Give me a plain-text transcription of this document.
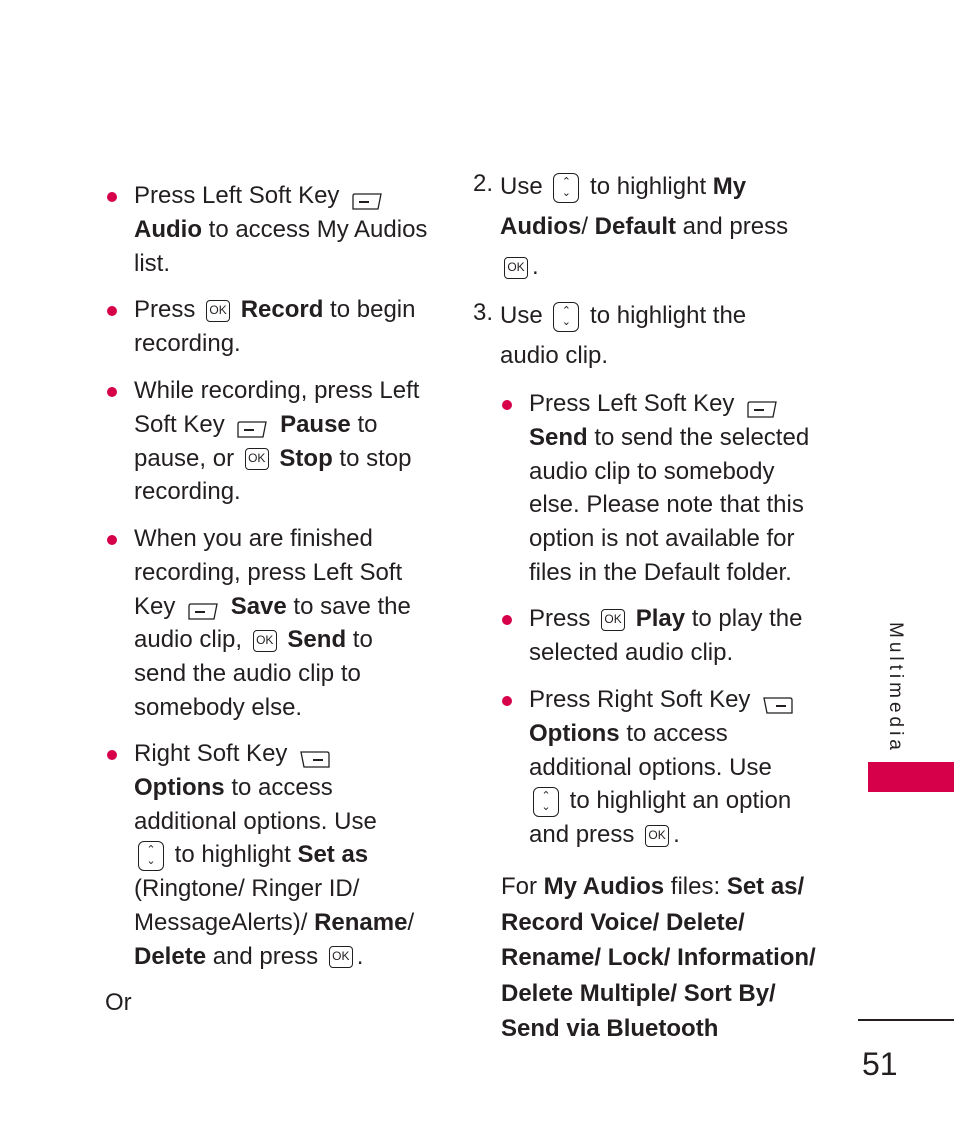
Press Left Soft Key
Audio to access My Audios
list.
Press OK Record to begin
recording.
While recording, press Left
Soft Key Pause to
pause, or OK Stop to stop
recording.
When you are finished
recording, press Left Soft
Key Save to save the
audio clip, OK Send to
send the audio clip to
somebody else.
Right Soft Key
Options to access
additional options. Use
⌃
⌄ to highlight Set as
(Ringtone/ Ringer ID/
MessageAlerts)/ Rename/
Delete and press OK .
Or
2. Use ⌃
⌄ to highlight My
Audios/ Default and press
OK .
3. Use ⌃
⌄ to highlight the
audio clip.
Press Left Soft Key
Send to send the selected
audio clip to somebody
else. Please note that this
option is not available for
files in the Default folder.
Press OK Play to play the
selected audio clip.
Press Right Soft Key
Options to access
additional options. Use
⌃
⌄ to highlight an option
and press OK .
For My Audios files: Set as/
Record Voice/ Delete/
Rename/ Lock/ Information/
Delete Multiple/ Sort By/
Send via Bluetooth
Multimedia
51
